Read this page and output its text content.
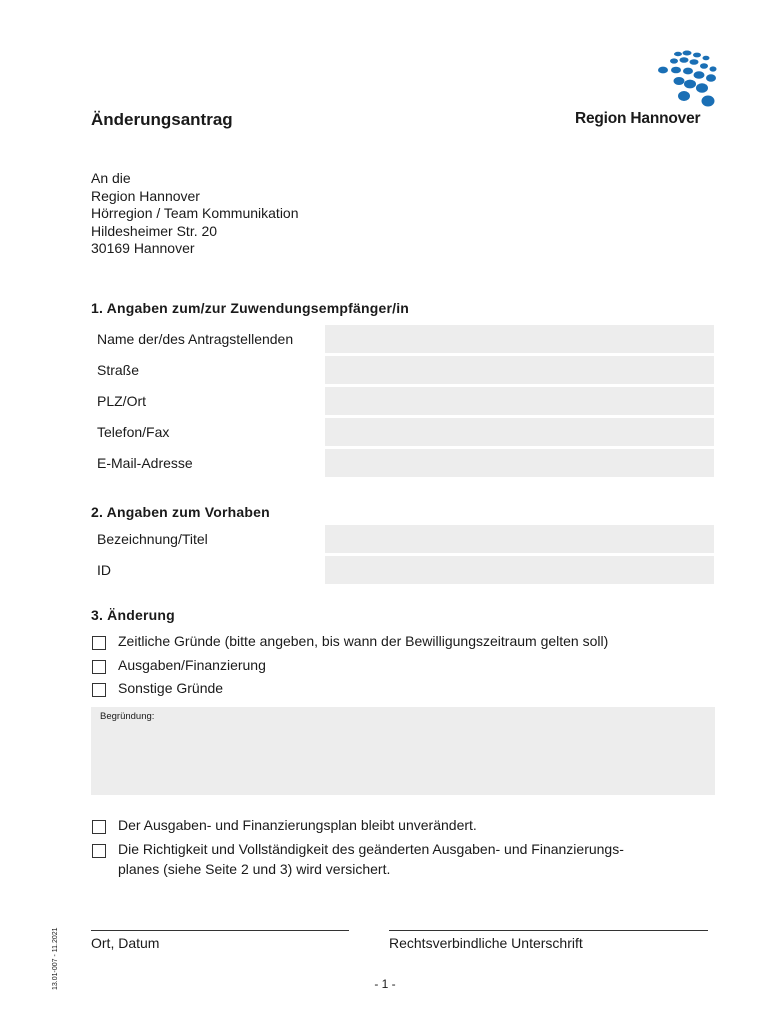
Änderungsantrag	Region Hannover
An die
Region Hannover
Hörregion / Team Kommunikation
Hildesheimer Str. 20
30169 Hannover
1. Angaben zum/zur Zuwendungsempfänger/in
Name der/des Antragstellenden
Straße
PLZ/Ort
Telefon/Fax
E-Mail-Adresse
2. Angaben zum Vorhaben
Bezeichnung/Titel
ID
3. Änderung
Zeitliche Gründe (bitte angeben, bis wann der Bewilligungszeitraum gelten soll)
Ausgaben/Finanzierung
Sonstige Gründe
Begründung:
Der Ausgaben- und Finanzierungsplan bleibt unverändert.
Die Richtigkeit und Vollständigkeit des geänderten Ausgaben- und Finanzierungs-
planes (siehe Seite 2 und 3) wird versichert.
Ort, Datum	Rechtsverbindliche Unterschrift
13.01-007 - 11.2021	- 1 -
